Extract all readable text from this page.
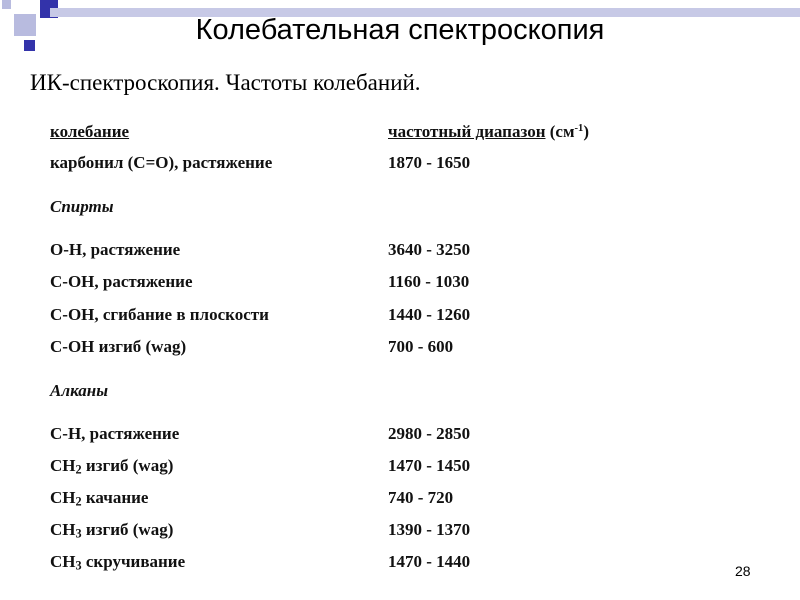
Колебательная спектроскопия
ИК-спектроскопия. Частоты колебаний.
колебание	частотный диапазон $(см^{-1})$
карбонил (C=O), растяжение	1870 - 1650
Спирты
O-H, растяжение	3640 - 3250
C-OH, растяжение	1160 - 1030
C-OH, сгибание в плоскости	1440 - 1260
C-OH изгиб (wag)	700 - 600
Алканы
C-H, растяжение	2980 - 2850
$CH_2$ изгиб (wag)	1470 - 1450
$CH_2$ качание	740 - 720
$CH_3$ изгиб (wag)	1390 - 1370
$CH_3$ скручивание	1470 - 1440	28
